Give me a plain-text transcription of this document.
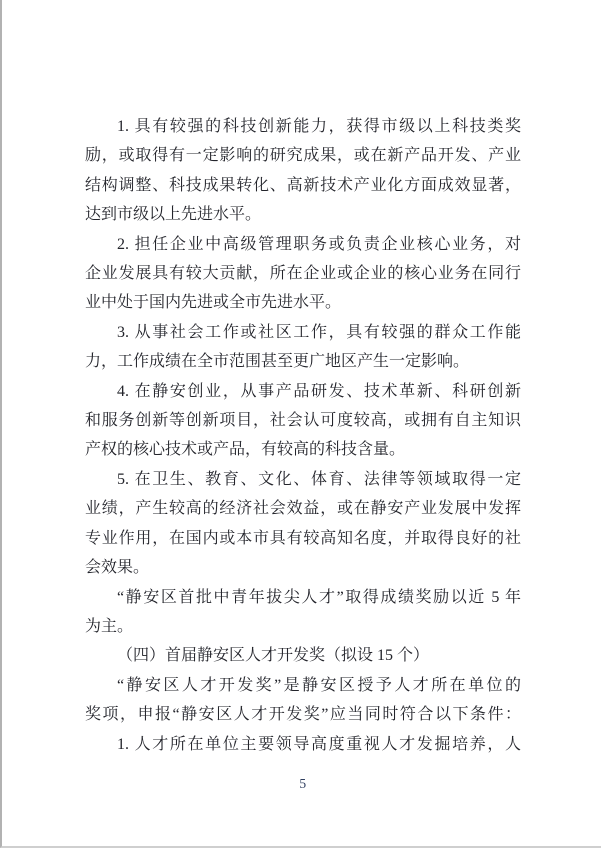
1. 具有较强的科技创新能力，获得市级以上科技类奖
励，或取得有一定影响的研究成果，或在新产品开发、产业
结构调整、科技成果转化、高新技术产业化方面成效显著，
达到市级以上先进水平。
2. 担任企业中高级管理职务或负责企业核心业务，对
企业发展具有较大贡献，所在企业或企业的核心业务在同行
业中处于国内先进或全市先进水平。
3. 从事社会工作或社区工作，具有较强的群众工作能
力，工作成绩在全市范围甚至更广地区产生一定影响。
4. 在静安创业，从事产品研发、技术革新、科研创新
和服务创新等创新项目，社会认可度较高，或拥有自主知识
产权的核心技术或产品，有较高的科技含量。
5. 在卫生、教育、文化、体育、法律等领域取得一定
业绩，产生较高的经济社会效益，或在静安产业发展中发挥
专业作用，在国内或本市具有较高知名度，并取得良好的社
会效果。
“静安区首批中青年拔尖人才”取得成绩奖励以近 5 年
为主。
（四）首届静安区人才开发奖（拟设 15 个）
“静安区人才开发奖”是静安区授予人才所在单位的
奖项，申报“静安区人才开发奖”应当同时符合以下条件：
1. 人才所在单位主要领导高度重视人才发掘培养，人
5
